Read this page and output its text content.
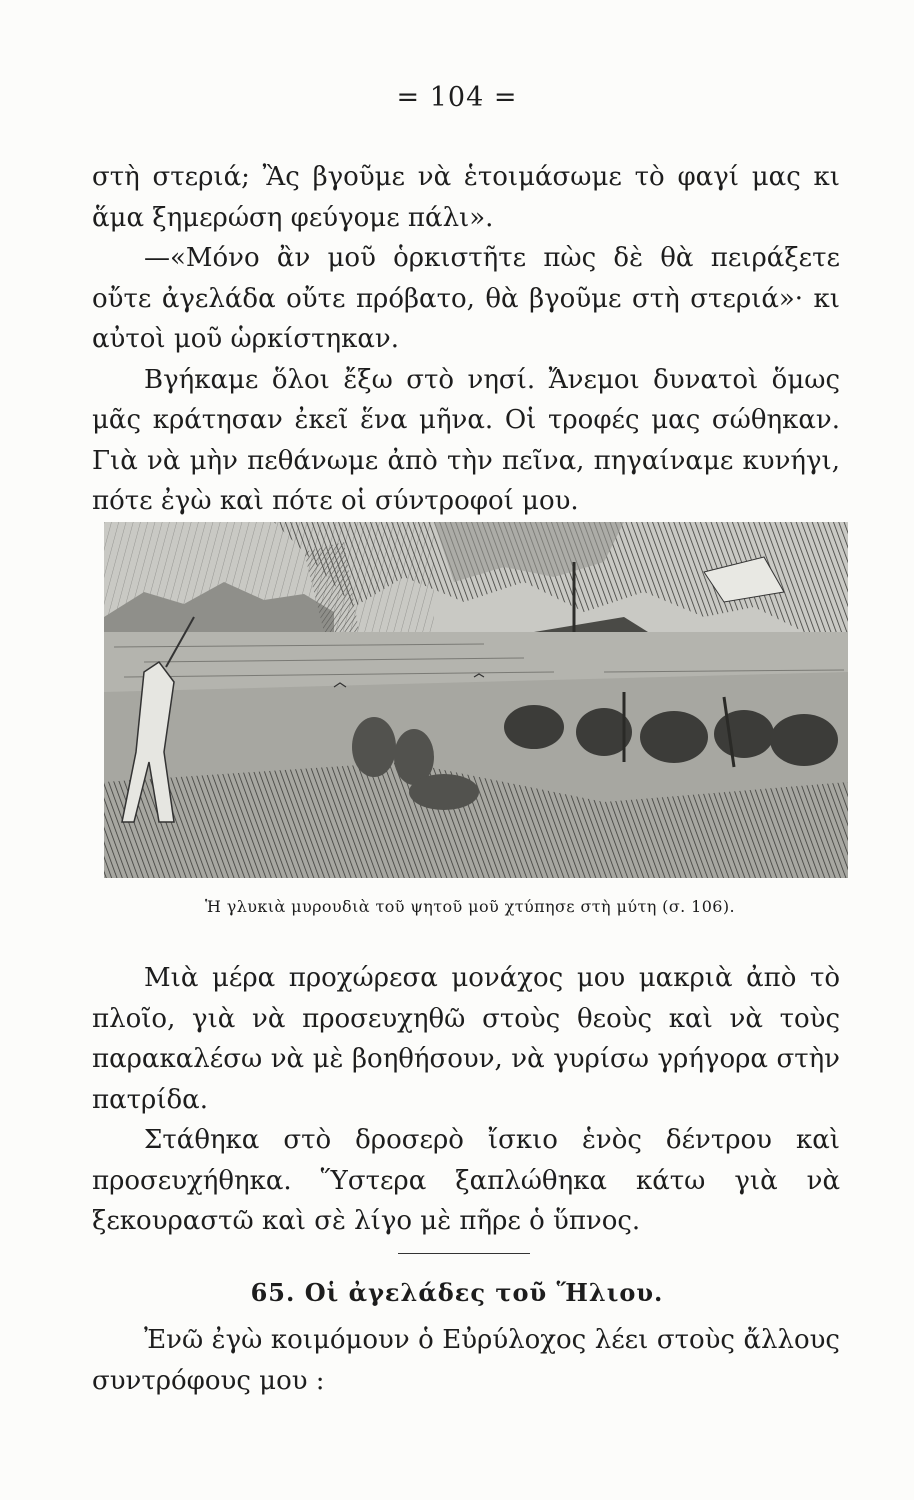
= 104 =

στὴ στεριά; Ἂς βγοῦμε νὰ ἑτοιμάσωμε τὸ φαγί μας κι ἅμα ξημερώση φεύγομε πάλι».

—«Μόνο ἂν μοῦ ὁρκιστῆτε πὼς δὲ θὰ πειράξετε οὔτε ἀγελάδα οὔτε πρόβατο, θὰ βγοῦμε στὴ στεριά»· κι αὐτοὶ μοῦ ὡρκίστηκαν.

Βγήκαμε ὅλοι ἔξω στὸ νησί. Ἄνεμοι δυνατοὶ ὅμως μᾶς κράτησαν ἐκεῖ ἕνα μῆνα. Οἱ τροφές μας σώθηκαν. Γιὰ νὰ μὴν πεθάνωμε ἀπὸ τὴν πεῖνα, πηγαίναμε κυνήγι, πότε ἐγὼ καὶ πότε οἱ σύντροφοί μου.

Ἡ γλυκιὰ μυρουδιὰ τοῦ ψητοῦ μοῦ χτύπησε στὴ μύτη (σ. 106).

Μιὰ μέρα προχώρεσα μονάχος μου μακριὰ ἀπὸ τὸ πλοῖο, γιὰ νὰ προσευχηθῶ στοὺς θεοὺς καὶ νὰ τοὺς παρακαλέσω νὰ μὲ βοηθήσουν, νὰ γυρίσω γρήγορα στὴν πατρίδα.

Στάθηκα στὸ δροσερὸ ἴσκιο ἑνὸς δέντρου καὶ προσευχήθηκα. Ὕστερα ξαπλώθηκα κάτω γιὰ νὰ ξεκουραστῶ καὶ σὲ λίγο μὲ πῆρε ὁ ὕπνος.

65. Οἱ ἀγελάδες τοῦ Ἥλιου.

Ἐνῶ ἐγὼ κοιμόμουν ὁ Εὐρύλοχος λέει στοὺς ἄλλους συντρόφους μου :
